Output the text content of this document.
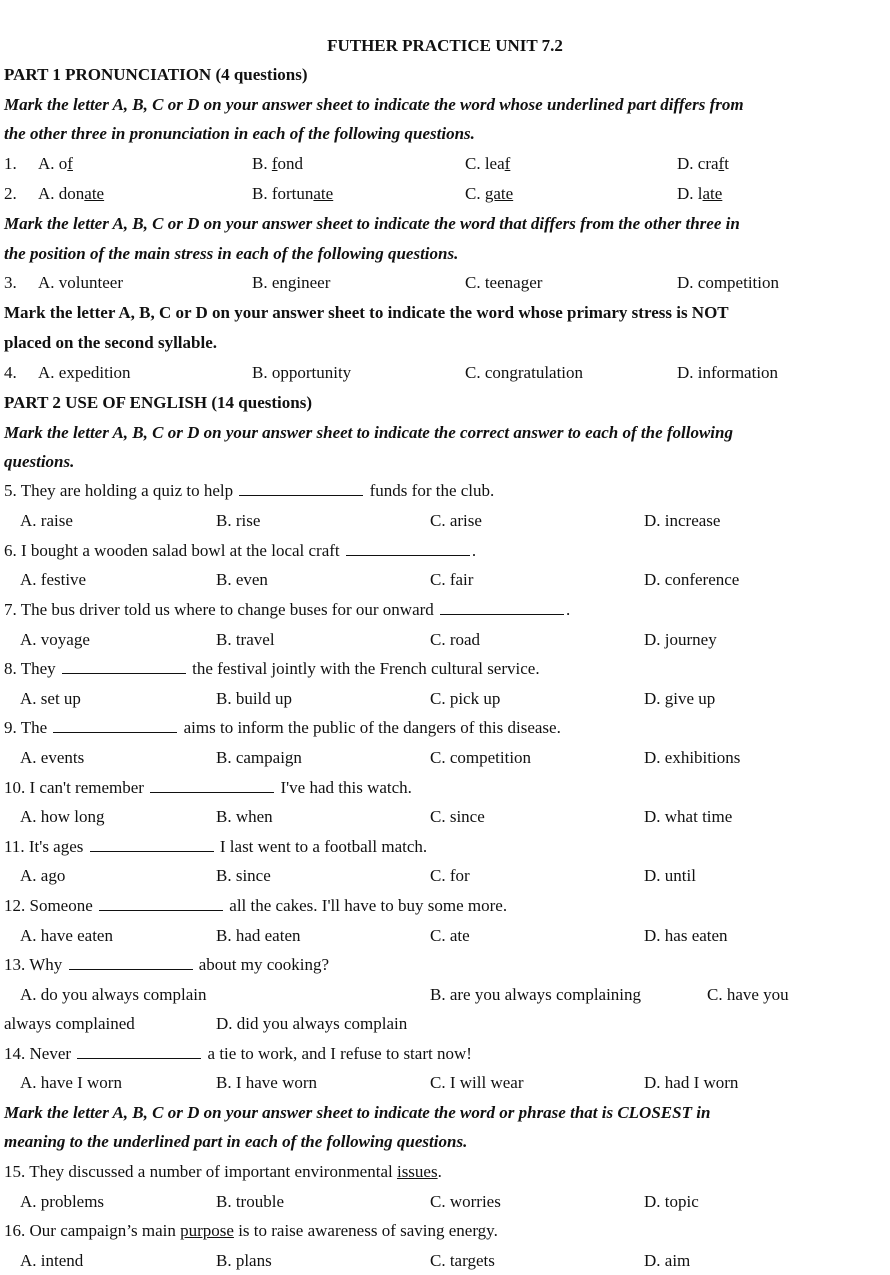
FUTHER PRACTICE UNIT 7.2
PART 1 PRONUNCIATION (4 questions)
Mark the letter A, B, C or D on your answer sheet to indicate the word whose underlined part differs from
the other three in pronunciation in each of the following questions.
1. A. of	B. fond	C. leaf	D. craft
2. A. donate	B. fortunate	C. gate	D. late
Mark the letter A, B, C or D on your answer sheet to indicate the word that differs from the other three in
the position of the main stress in each of the following questions.
3. A. volunteer	B. engineer	C. teenager	D. competition
Mark the letter A, B, C or D on your answer sheet to indicate the word whose primary stress is NOT
placed on the second syllable.
4. A. expedition	B. opportunity	C. congratulation	D. information
PART 2 USE OF ENGLISH (14 questions)
Mark the letter A, B, C or D on your answer sheet to indicate the correct answer to each of the following
questions.
5. They are holding a quiz to help	funds for the club.
A. raise	B. rise	C. arise	D. increase
6. I bought a wooden salad bowl at the local craft	.
A. festive	B. even	C. fair	D. conference
7. The bus driver told us where to change buses for our onward	.
A. voyage	B. travel	C. road	D. journey
8. They	the festival jointly with the French cultural service.
A. set up	B. build up	C. pick up	D. give up
9. The	aims to inform the public of the dangers of this disease.
A. events	B. campaign	C. competition	D. exhibitions
10. I can't remember	I've had this watch.
A. how long	B. when	C. since	D. what time
11. It's ages	I last went to a football match.
A. ago	B. since	C. for	D. until
12. Someone	all the cakes. I'll have to buy some more.
A. have eaten	B. had eaten	C. ate	D. has eaten
13. Why	about my cooking?
A. do you always complain	B. are you always complaining	C. have you
always complained	D. did you always complain
14. Never	a tie to work, and I refuse to start now!
A. have I worn	B. I have worn	C. I will wear	D. had I worn
Mark the letter A, B, C or D on your answer sheet to indicate the word or phrase that is CLOSEST in
meaning to the underlined part in each of the following questions.
15. They discussed a number of important environmental issues.
A. problems	B. trouble	C. worries	D. topic
16. Our campaign’s main purpose is to raise awareness of saving energy.
A. intend	B. plans	C. targets	D. aim
